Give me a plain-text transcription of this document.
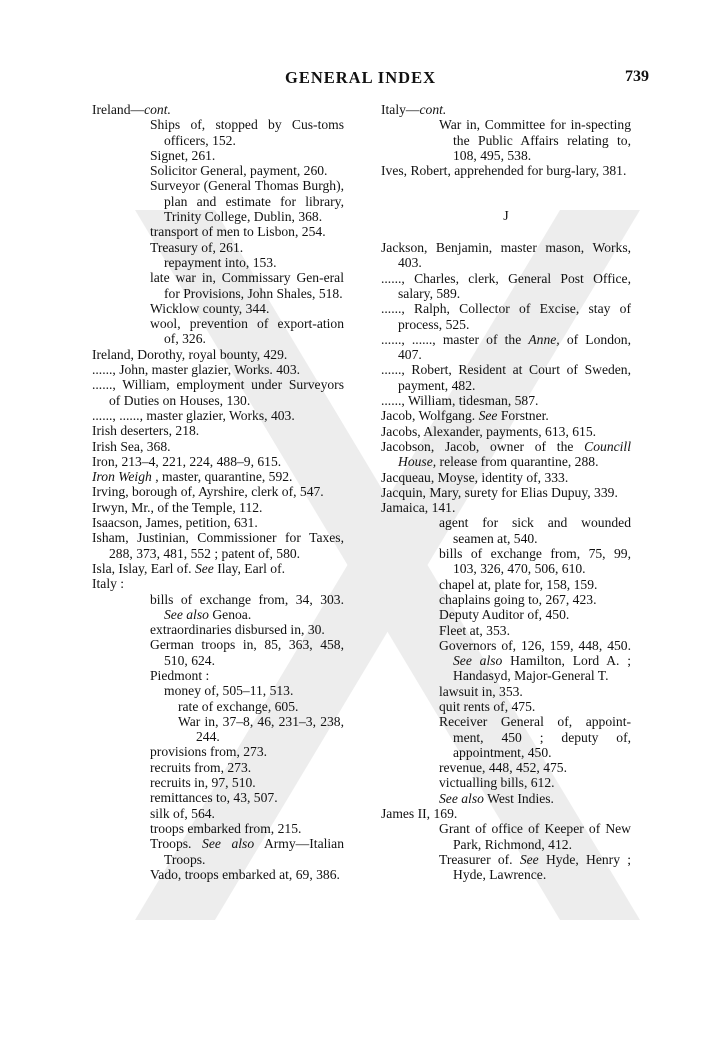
GENERAL INDEX	739
Ireland—cont.
Ships of, stopped by Cus-toms officers, 152.
Signet, 261.
Solicitor General, payment, 260.
Surveyor (General Thomas Burgh), plan and estimate for library, Trinity College, Dublin, 368.
transport of men to Lisbon, 254.
Treasury of, 261.
repayment into, 153.
late war in, Commissary Gen-eral for Provisions, John Shales, 518.
Wicklow county, 344.
wool, prevention of export-ation of, 326.
Ireland, Dorothy, royal bounty, 429.
......, John, master glazier, Works. 403.
......, William, employment under Surveyors of Duties on Houses, 130.
......, ......, master glazier, Works, 403.
Irish deserters, 218.
Irish Sea, 368.
Iron, 213–4, 221, 224, 488–9, 615.
Iron Weigh , master, quarantine, 592.
Irving, borough of, Ayrshire, clerk of, 547.
Irwyn, Mr., of the Temple, 112.
Isaacson, James, petition, 631.
Isham, Justinian, Commissioner for Taxes, 288, 373, 481, 552 ; patent of, 580.
Isla, Islay, Earl of. See Ilay, Earl of.
Italy :
bills of exchange from, 34, 303. See also Genoa.
extraordinaries disbursed in, 30.
German troops in, 85, 363, 458, 510, 624.
Piedmont :
money of, 505–11, 513.
rate of exchange, 605.
War in, 37–8, 46, 231–3, 238, 244.
provisions from, 273.
recruits from, 273.
recruits in, 97, 510.
remittances to, 43, 507.
silk of, 564.
troops embarked from, 215.
Troops. See also Army—Italian Troops.
Vado, troops embarked at, 69, 386.
Italy—cont.
War in, Committee for in-specting the Public Affairs relating to, 108, 495, 538.
Ives, Robert, apprehended for burg-lary, 381.
J
Jackson, Benjamin, master mason, Works, 403.
......, Charles, clerk, General Post Office, salary, 589.
......, Ralph, Collector of Excise, stay of process, 525.
......, ......, master of the Anne, of London, 407.
......, Robert, Resident at Court of Sweden, payment, 482.
......, William, tidesman, 587.
Jacob, Wolfgang. See Forstner.
Jacobs, Alexander, payments, 613, 615.
Jacobson, Jacob, owner of the Councill House, release from quarantine, 288.
Jacqueau, Moyse, identity of, 333.
Jacquin, Mary, surety for Elias Dupuy, 339.
Jamaica, 141.
agent for sick and wounded seamen at, 540.
bills of exchange from, 75, 99, 103, 326, 470, 506, 610.
chapel at, plate for, 158, 159.
chaplains going to, 267, 423.
Deputy Auditor of, 450.
Fleet at, 353.
Governors of, 126, 159, 448, 450. See also Hamilton, Lord A. ; Handasyd, Major-General T.
lawsuit in, 353.
quit rents of, 475.
Receiver General of, appoint-ment, 450 ; deputy of, appointment, 450.
revenue, 448, 452, 475.
victualling bills, 612.
See also West Indies.
James II, 169.
Grant of office of Keeper of New Park, Richmond, 412.
Treasurer of. See Hyde, Henry ; Hyde, Lawrence.
